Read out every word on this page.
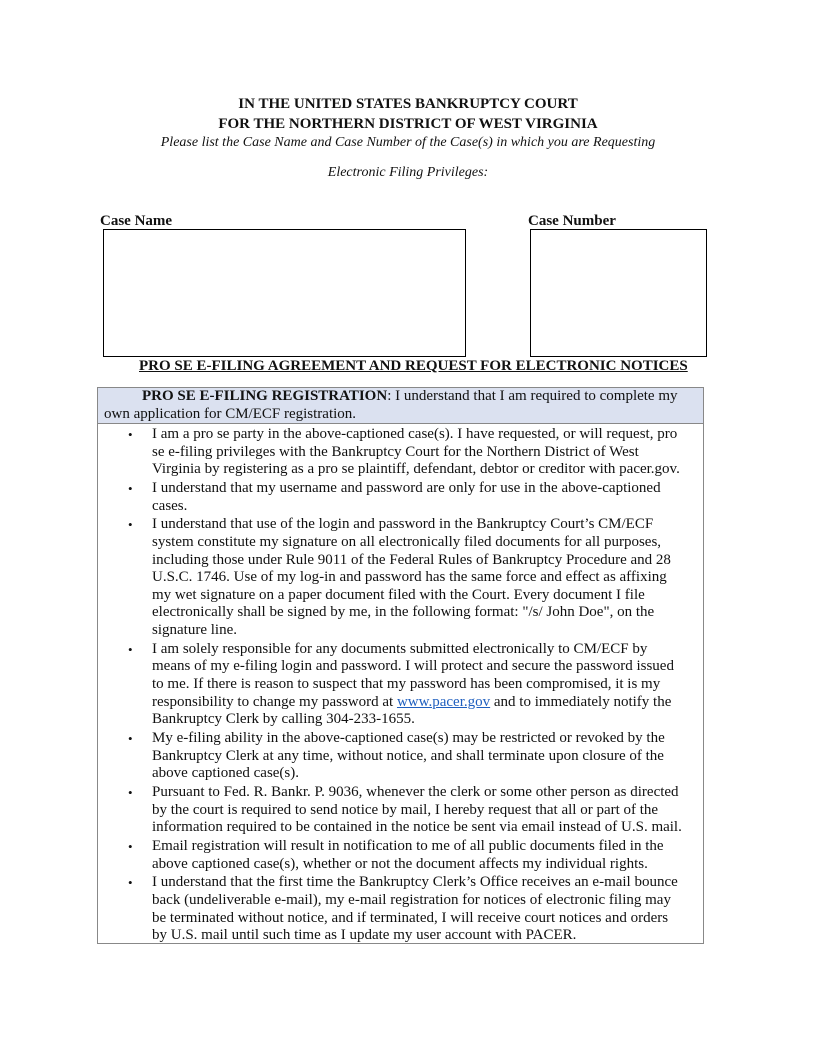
IN THE UNITED STATES BANKRUPTCY COURT
FOR THE NORTHERN DISTRICT OF WEST VIRGINIA
Please list the Case Name and Case Number of the Case(s) in which you are Requesting
Electronic Filing Privileges:
Case Name	Case Number
PRO SE E-FILING AGREEMENT AND REQUEST FOR ELECTRONIC NOTICES
PRO SE E-FILING REGISTRATION: I understand that I am required to complete my
own application for CM/ECF registration.
• I am a pro se party in the above-captioned case(s). I have requested, or will request, pro
se e-filing privileges with the Bankruptcy Court for the Northern District of West
Virginia by registering as a pro se plaintiff, defendant, debtor or creditor with pacer.gov.
• I understand that my username and password are only for use in the above-captioned
cases.
• I understand that use of the login and password in the Bankruptcy Court’s CM/ECF
system constitute my signature on all electronically filed documents for all purposes,
including those under Rule 9011 of the Federal Rules of Bankruptcy Procedure and 28
U.S.C. 1746. Use of my log-in and password has the same force and effect as affixing
my wet signature on a paper document filed with the Court. Every document I file
electronically shall be signed by me, in the following format: "/s/ John Doe", on the
signature line.
• I am solely responsible for any documents submitted electronically to CM/ECF by
means of my e-filing login and password. I will protect and secure the password issued
to me. If there is reason to suspect that my password has been compromised, it is my
responsibility to change my password at www.pacer.gov and to immediately notify the
Bankruptcy Clerk by calling 304-233-1655.
• My e-filing ability in the above-captioned case(s) may be restricted or revoked by the
Bankruptcy Clerk at any time, without notice, and shall terminate upon closure of the
above captioned case(s).
• Pursuant to Fed. R. Bankr. P. 9036, whenever the clerk or some other person as directed
by the court is required to send notice by mail, I hereby request that all or part of the
information required to be contained in the notice be sent via email instead of U.S. mail.
• Email registration will result in notification to me of all public documents filed in the
above captioned case(s), whether or not the document affects my individual rights.
• I understand that the first time the Bankruptcy Clerk’s Office receives an e-mail bounce
back (undeliverable e-mail), my e-mail registration for notices of electronic filing may
be terminated without notice, and if terminated, I will receive court notices and orders
by U.S. mail until such time as I update my user account with PACER.
